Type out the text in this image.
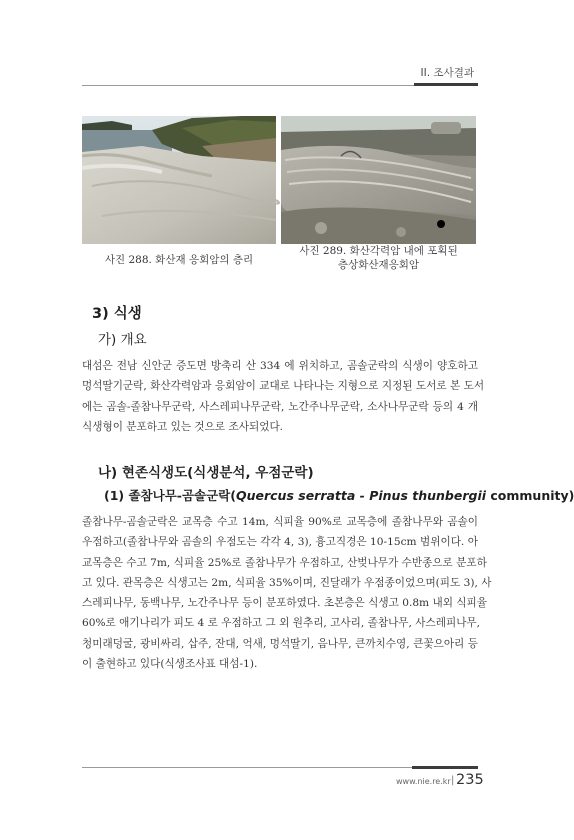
II. 조사결과
사진 288. 화산재 응회암의 층리
사진 289. 화산각력암 내에 포획된
층상화산재응회암
3) 식생
가) 개요
대섬은 전남 신안군 증도면 방축리 산 334 에 위치하고, 곰솔군락의 식생이 양호하고
멍석딸기군락, 화산각력암과 응회암이 교대로 나타나는 지형으로 지정된 도서로 본 도서
에는 곰솔-졸참나무군락, 사스레피나무군락, 노간주나무군락, 소사나무군락 등의 4 개
식생형이 분포하고 있는 것으로 조사되었다.
나) 현존식생도(식생분석, 우점군락)
(1) 졸참나무-곰솔군락(Quercus serratta - Pinus thunbergii community)
졸참나무-곰솔군락은 교목층 수고 14m, 식피율 90%로 교목층에 졸참나무와 곰솔이
우점하고(졸참나무와 곰솔의 우점도는 각각 4, 3), 흉고직경은 10-15cm 범위이다. 아
교목층은 수고 7m, 식피율 25%로 졸참나무가 우점하고, 산벚나무가 수반종으로 분포하
고 있다. 관목층은 식생고는 2m, 식피율 35%이며, 진달래가 우점종이었으며(피도 3), 사
스레피나무, 동백나무, 노간주나무 등이 분포하였다. 초본층은 식생고 0.8m 내외 식피율
60%로 애기나리가 피도 4 로 우점하고 그 외 원추리, 고사리, 졸참나무, 사스레피나무,
청미래덩굴, 광비싸리, 삽주, 잔대, 억새, 멍석딸기, 음나무, 큰까치수영, 큰꽃으아리 등
이 출현하고 있다(식생조사표 대섬-1).
www.nie.re.kr | 235
